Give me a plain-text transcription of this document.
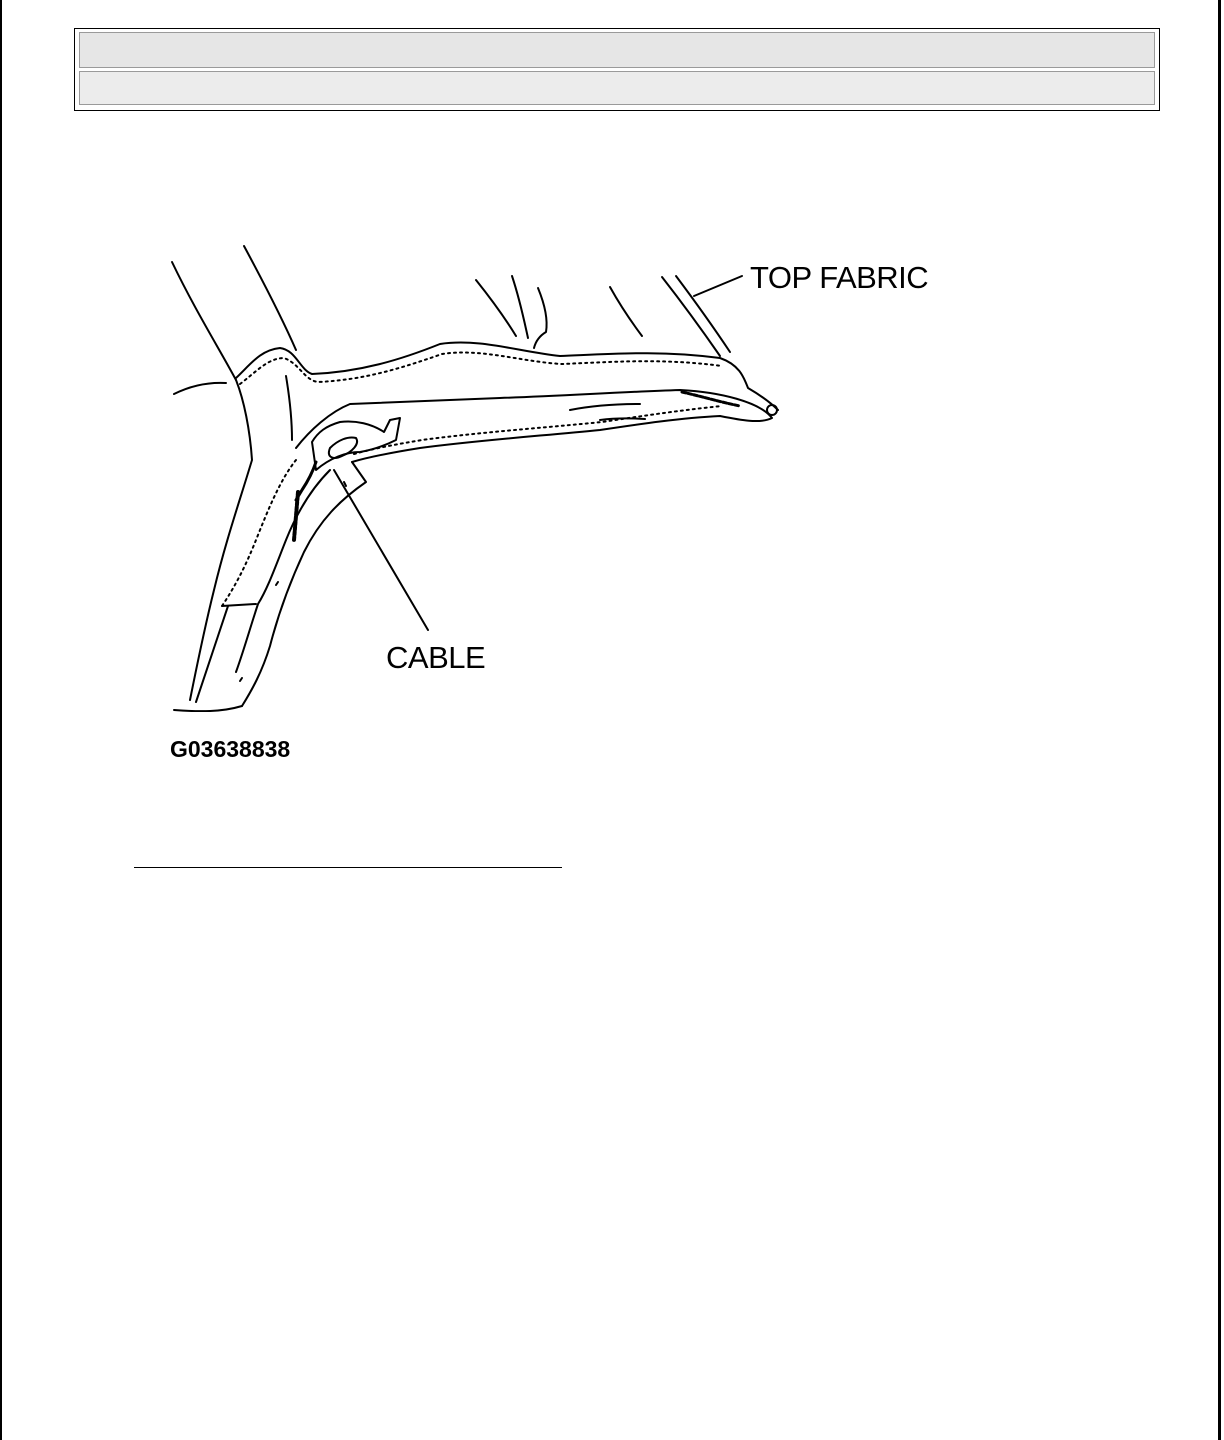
TOP FABRIC
CABLE
G03638838
